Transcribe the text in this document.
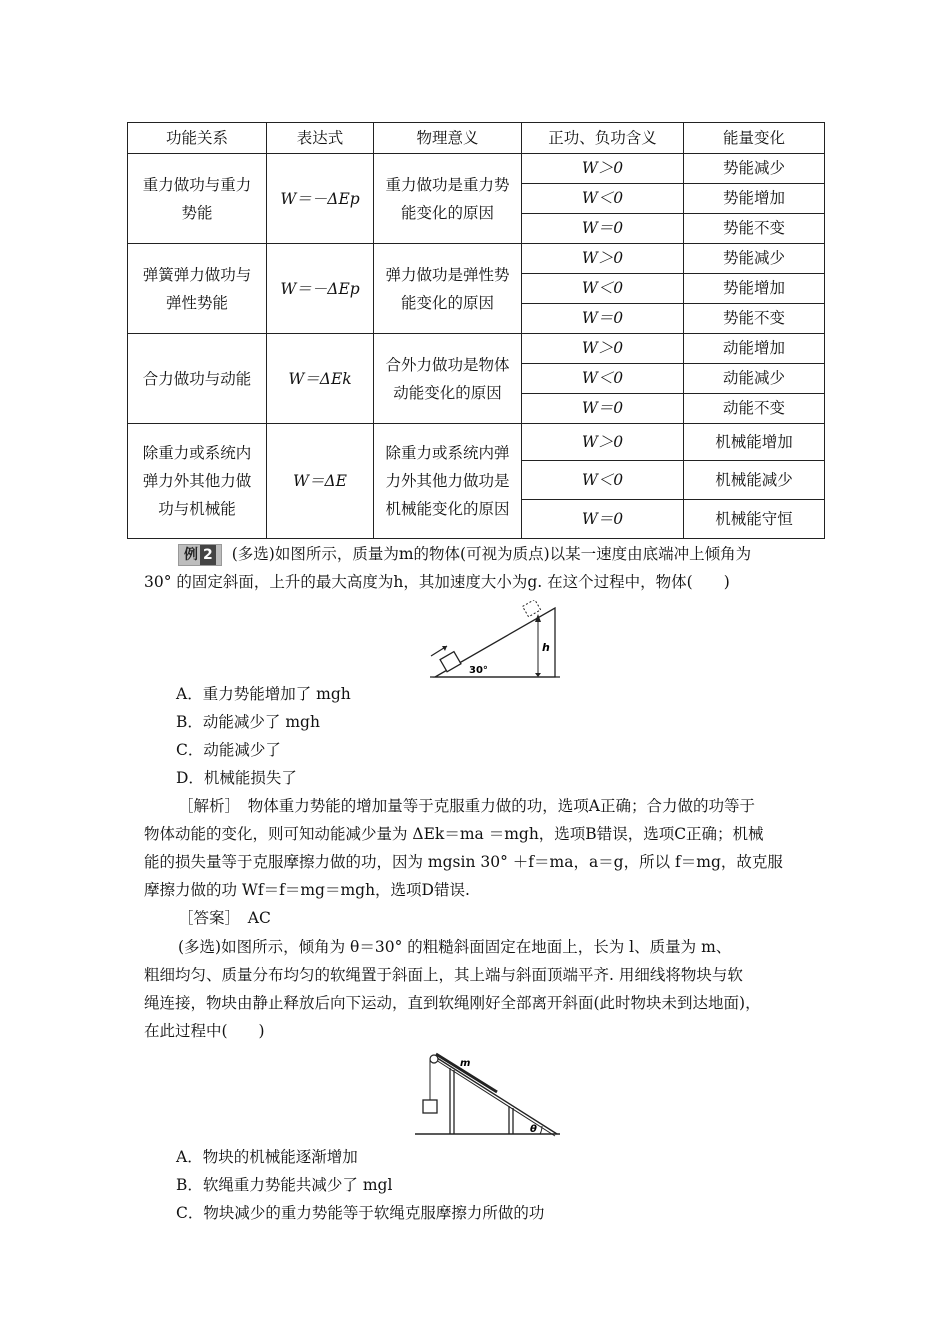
功能关系	表达式	物理意义	正功、负功含义	能量变化
重力做功与重力势能	W＝－ΔEp	重力做功是重力势能变化的原因	W＞0	势能减少
			W＜0	势能增加
			W＝0	势能不变
弹簧弹力做功与弹性势能	W＝－ΔEp	弹力做功是弹性势能变化的原因	W＞0	势能减少
			W＜0	势能增加
			W＝0	势能不变
合力做功与动能	W＝ΔEk	合外力做功是物体动能变化的原因	W＞0	动能增加
			W＜0	动能减少
			W＝0	动能不变
除重力或系统内弹力外其他力做功与机械能	W＝ΔE	除重力或系统内弹力外其他力做功是机械能变化的原因	W＞0	机械能增加
			W＜0	机械能减少
			W＝0	机械能守恒
例 2 (多选)如图所示，质量为m的物体(可视为质点)以某一速度由底端冲上倾角为
30° 的固定斜面，上升的最大高度为h，其加速度大小为g. 在这个过程中，物体(　　)
30°
h
A．重力势能增加了 mgh
B．动能减少了 mgh
C．动能减少了
D．机械能损失了
［解析］　物体重力势能的增加量等于克服重力做的功，选项A正确；合力做的功等于
物体动能的变化，则可知动能减少量为 ΔEk＝ma ＝mgh，选项B错误，选项C正确；机械
能的损失量等于克服摩擦力做的功，因为 mgsin 30° ＋f＝ma，a＝g，所以 f＝mg，故克服
摩擦力做的功 Wf＝f＝mg＝mgh，选项D错误.
［答案］　AC
(多选)如图所示，倾角为 θ＝30° 的粗糙斜面固定在地面上，长为 l、质量为 m、
粗细均匀、质量分布均匀的软绳置于斜面上，其上端与斜面顶端平齐. 用细线将物块与软
绳连接，物块由静止释放后向下运动，直到软绳刚好全部离开斜面(此时物块未到达地面)，
在此过程中(　　)
m
θ
A．物块的机械能逐渐增加
B．软绳重力势能共减少了 mgl
C．物块减少的重力势能等于软绳克服摩擦力所做的功
